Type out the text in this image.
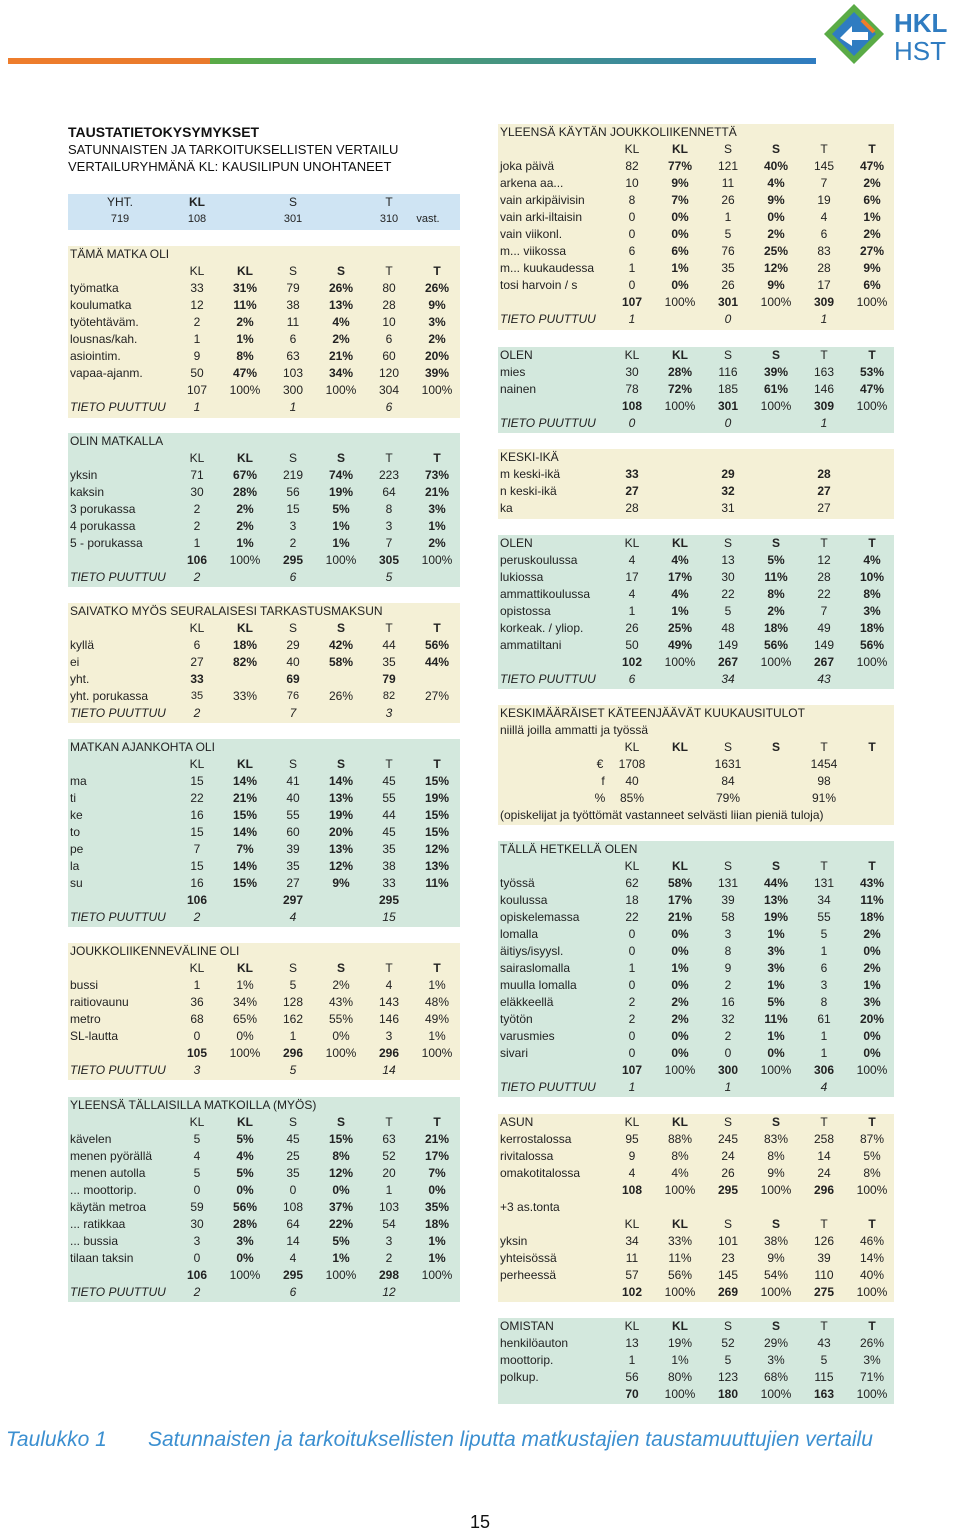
HKL
HST
TAUSTATIETOKYSYMYKSET
SATUNNAISTEN JA TARKOITUKSELLISTEN VERTAILU
VERTAILURYHMÄNÄ KL: KAUSILIPUN UNOHTANEET
YHT.	KL	S	T
719	108	301	310 vast.
TÄMÄ MATKA OLI
KL	KL	S	S	T	T
työmatka	33 31% 79 26% 80 26%
koulumatka	12 11% 38 13% 28	9%
työtehtäväm.	2	2%	11	4%	10	3%
lousnas/kah.	1	1%	6	2%	6	2%
asiointim.	9	8%	63 21% 60 20%
vapaa-ajanm.	50 47% 103 34% 120 39%
107 100% 300 100% 304 100%
TIETO PUUTTUU 1	1	6
OLIN MATKALLA
KL	KL	S	S	T	T
yksin	71 67% 219 74% 223 73%
kaksin	30 28% 56 19% 64 21%
3 porukassa	2	2%	15	5%	8	3%
4 porukassa	2	2%	3	1%	3	1%
5 - porukassa	1	1%	2	1%	7	2%
106 100% 295 100% 305 100%
TIETO PUUTTUU 2	6	5
SAIVATKO MYÖS SEURALAISESI TARKASTUSMAKSUN
KL	KL	S	S	T	T
kyllä	6	18% 29 42% 44 56%
ei	27 82% 40 58% 35 44%
yht.	33	69	79
yht. porukassa	35 33%	76 26%	82 27%
TIETO PUUTTUU 2	7	3
MATKAN AJANKOHTA OLI
KL	KL	S	S	T	T
ma	15 14% 41 14% 45 15%
ti	22 21% 40 13% 55 19%
ke	16 15% 55 19% 44 15%
to	15 14% 60 20% 45 15%
pe	7	7%	39 13% 35 12%
la	15 14% 35 12% 38 13%
su	16 15% 27	9%	33 11%
106	297	295
TIETO PUUTTUU 2	4	15
JOUKKOLIIKENNEVÄLINE OLI
KL	KL	S	S	T	T
bussi	1	1%	5	2%	4	1%
raitiovaunu	36 34% 128 43% 143 48%
metro	68 65% 162 55% 146 49%
SL-lautta	0	0%	1	0%	3	1%
105 100% 296 100% 296 100%
TIETO PUUTTUU 3	5	14
YLEENSÄ TÄLLAISILLA MATKOILLA (MYÖS)
KL	KL	S	S	T	T
kävelen	5	5%	45 15% 63 21%
menen pyörällä	4	4%	25	8%	52 17%
menen autolla	5	5%	35 12% 20	7%
... moottorip.	0	0%	0	0%	1	0%
käytän metroa	59 56% 108 37% 103 35%
... ratikkaa	30 28% 64 22% 54 18%
... bussia	3	3%	14	5%	3	1%
tilaan taksin	0	0%	4	1%	2	1%
106 100% 295 100% 298 100%
TIETO PUUTTUU 2	6	12
YLEENSÄ KÄYTÄN JOUKKOLIIKENNETTÄ
KL	KL	S	S	T	T
joka päivä	82 77% 121 40% 145 47%
arkena aa...	10	9%	11	4%	7	2%
vain arkipäivisin	8	7%	26	9%	19	6%
vain arki-iltaisin	0	0%	1	0%	4	1%
vain viikonl.	0	0%	5	2%	6	2%
m... viikossa	6	6%	76 25% 83 27%
m... kuukaudessa	1	1%	35 12% 28	9%
tosi harvoin / s	0	0%	26	9%	17	6%
107 100% 301 100% 309 100%
TIETO PUUTTUU	1	0	1
OLEN	KL	KL	S	S	T	T
mies	30 28% 116 39% 163 53%
nainen	78 72% 185 61% 146 47%
108 100% 301 100% 309 100%
TIETO PUUTTUU	0	0	1
KESKI-IKÄ
m keski-ikä	33	29	28
n keski-ikä	27	32	27
ka	28	31	27
OLEN	KL	KL	S	S	T	T
peruskoulussa	4	4%	13	5%	12	4%
lukiossa	17 17% 30 11% 28 10%
ammattikoulussa	4	4%	22	8%	22	8%
opistossa	1	1%	5	2%	7	3%
korkeak. / yliop.	26 25% 48 18% 49 18%
ammatiltani	50 49% 149 56% 149 56%
102 100% 267 100% 267 100%
TIETO PUUTTUU	6	34	43
KESKIMÄÄRÄISET KÄTEENJÄÄVÄT KUUKAUSITULOT
niillä joilla ammatti ja työssä
KL	KL	S	S	T	T
€ 1708	1631	1454
f 40	84	98
% 85%	79%	91%
(opiskelijat ja työttömät vastanneet selvästi liian pieniä tuloja)
TÄLLÄ HETKELLÄ OLEN
KL	KL	S	S	T	T
työssä	62 58% 131 44% 131 43%
koulussa	18 17% 39 13% 34 11%
opiskelemassa	22 21% 58 19% 55 18%
lomalla	0	0%	3	1%	5	2%
äitiys/isyysl.	0	0%	8	3%	1	0%
sairaslomalla	1	1%	9	3%	6	2%
muulla lomalla	0	0%	2	1%	3	1%
eläkkeellä	2	2%	16	5%	8	3%
työtön	2	2%	32 11% 61 20%
varusmies	0	0%	2	1%	1	0%
sivari	0	0%	0	0%	1	0%
107 100% 300 100% 306 100%
TIETO PUUTTUU	1	1	4
ASUN	KL	KL	S	S	T	T
kerrostalossa	95 88% 245 83% 258 87%
rivitalossa	9	8%	24	8%	14	5%
omakotitalossa	4	4%	26	9%	24	8%
108 100% 295 100% 296 100%
+3 as.tonta
KL	KL	S	S	T	T
yksin	34 33% 101 38% 126 46%
yhteisössä	11	11% 23	9%	39 14%
perheessä	57 56% 145 54% 110 40%
102 100% 269 100% 275 100%
OMISTAN	KL	KL	S	S	T	T
henkilöauton	13 19% 52 29% 43 26%
moottorip.	1	1%	5	3%	5	3%
polkup.	56 80% 123 68% 115 71%
70 100% 180 100% 163 100%
Taulukko 1 Satunnaisten ja tarkoituksellisten liputta matkustajien taustamuuttujien vertailu
15
